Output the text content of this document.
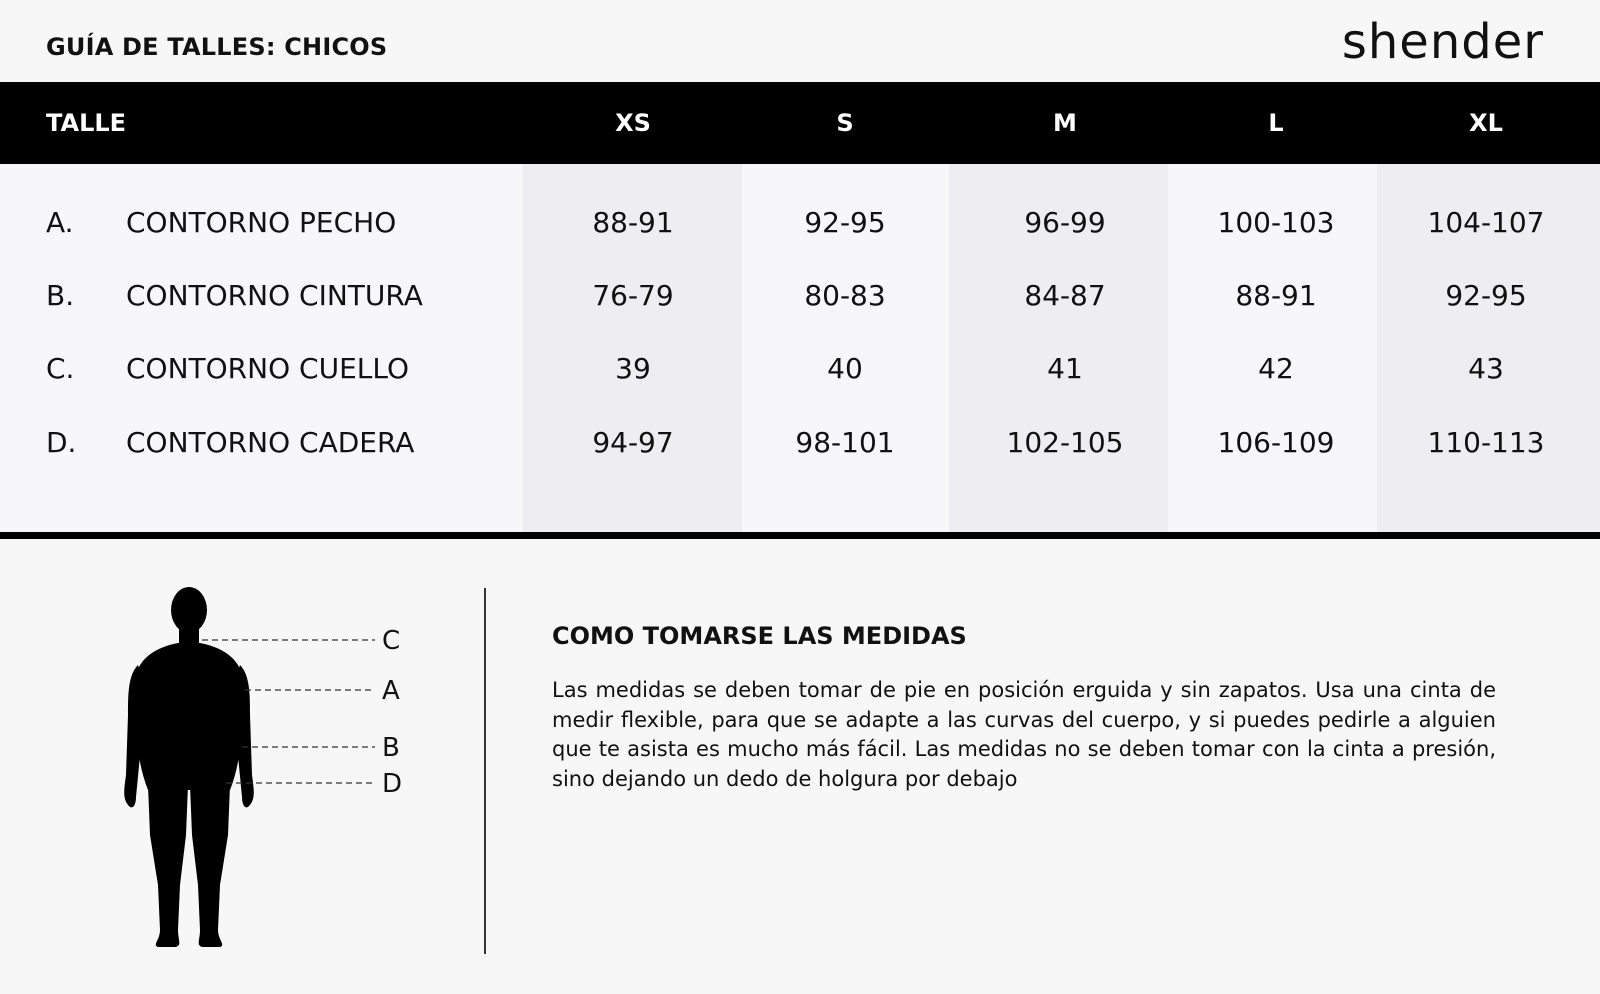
GUÍA DE TALLES: CHICOS	shender
TALLE	XS	S	M	L	XL
A. CONTORNO PECHO	88-91	92-95	96-99	100-103	104-107
B. CONTORNO CINTURA	76-79	80-83	84-87	88-91	92-95
C. CONTORNO CUELLO	39	40	41	42	43
D. CONTORNO CADERA	94-97	98-101	102-105	106-109	110-113
C
A
B
D
COMO TOMARSE LAS MEDIDAS
Las medidas se deben tomar de pie en posición erguida y sin zapatos. Usa una cinta de medir flexible, para que se adapte a las curvas del cuerpo, y si puedes pedirle a alguien que te asista es mucho más fácil. Las medidas no se deben tomar con la cinta a presión, sino dejando un dedo de holgura por debajo
